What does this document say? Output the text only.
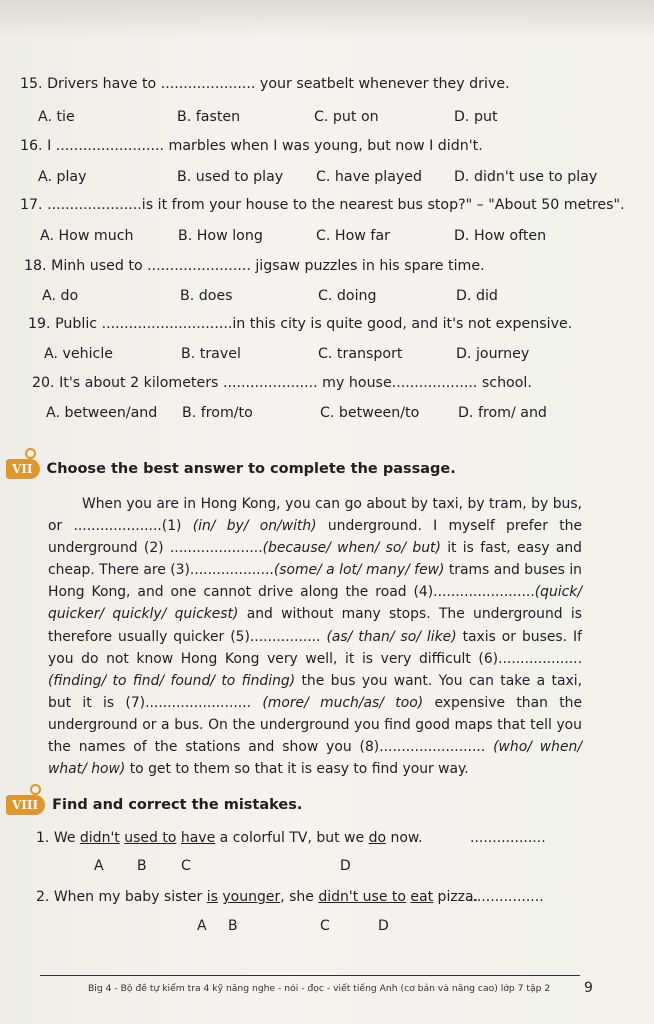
15. Drivers have to ..................... your seatbelt whenever they drive.
A. tie	B. fasten	C. put on	D. put
16. I ........................ marbles when I was young, but now I didn't.
A. play	B. used to play C. have played D. didn't use to play
17. .....................is it from your house to the nearest bus stop?" – "About 50 metres".
A. How much	B. How long	C. How far	D. How often
18. Minh used to ....................... jigsaw puzzles in his spare time.
A. do	B. does	C. doing	D. did
19. Public .............................in this city is quite good, and it's not expensive.
A. vehicle	B. travel	C. transport	D. journey
20. It's about 2 kilometers ..................... my house................... school.
A. between/and B. from/to	C. between/to	D. from/ and
VII Choose the best answer to complete the passage.

When you are in Hong Kong, you can go about by taxi, by tram, by bus, or ....................(1) (in/ by/ on/with) underground. I myself prefer the underground (2) .....................(because/ when/ so/ but) it is fast, easy and cheap. There are (3)...................(some/ a lot/ many/ few) trams and buses in Hong Kong, and one cannot drive along the road (4).......................(quick/ quicker/ quickly/ quickest) and without many stops. The underground is therefore usually quicker (5)................ (as/ than/ so/ like) taxis or buses. If you do not know Hong Kong very well, it is very difficult (6)...................(finding/ to find/ found/ to finding) the bus you want. You can take a taxi, but it is (7)........................ (more/ much/as/ too) expensive than the underground or a bus. On the underground you find good maps that tell you the names of the stations and show you (8)........................ (who/ when/ what/ how) to get to them so that it is easy to find your way.

VIII Find and correct the mistakes.
1. We didn't used to have a colorful TV, but we do now.	.................
A B C	D
2. When my baby sister is younger, she didn't use to eat pizza.
.................
A B	C	D
Big 4 - Bộ đề tự kiểm tra 4 kỹ năng nghe - nói - đọc - viết tiếng Anh (cơ bản và nâng cao) lớp 7 tập 2 9
